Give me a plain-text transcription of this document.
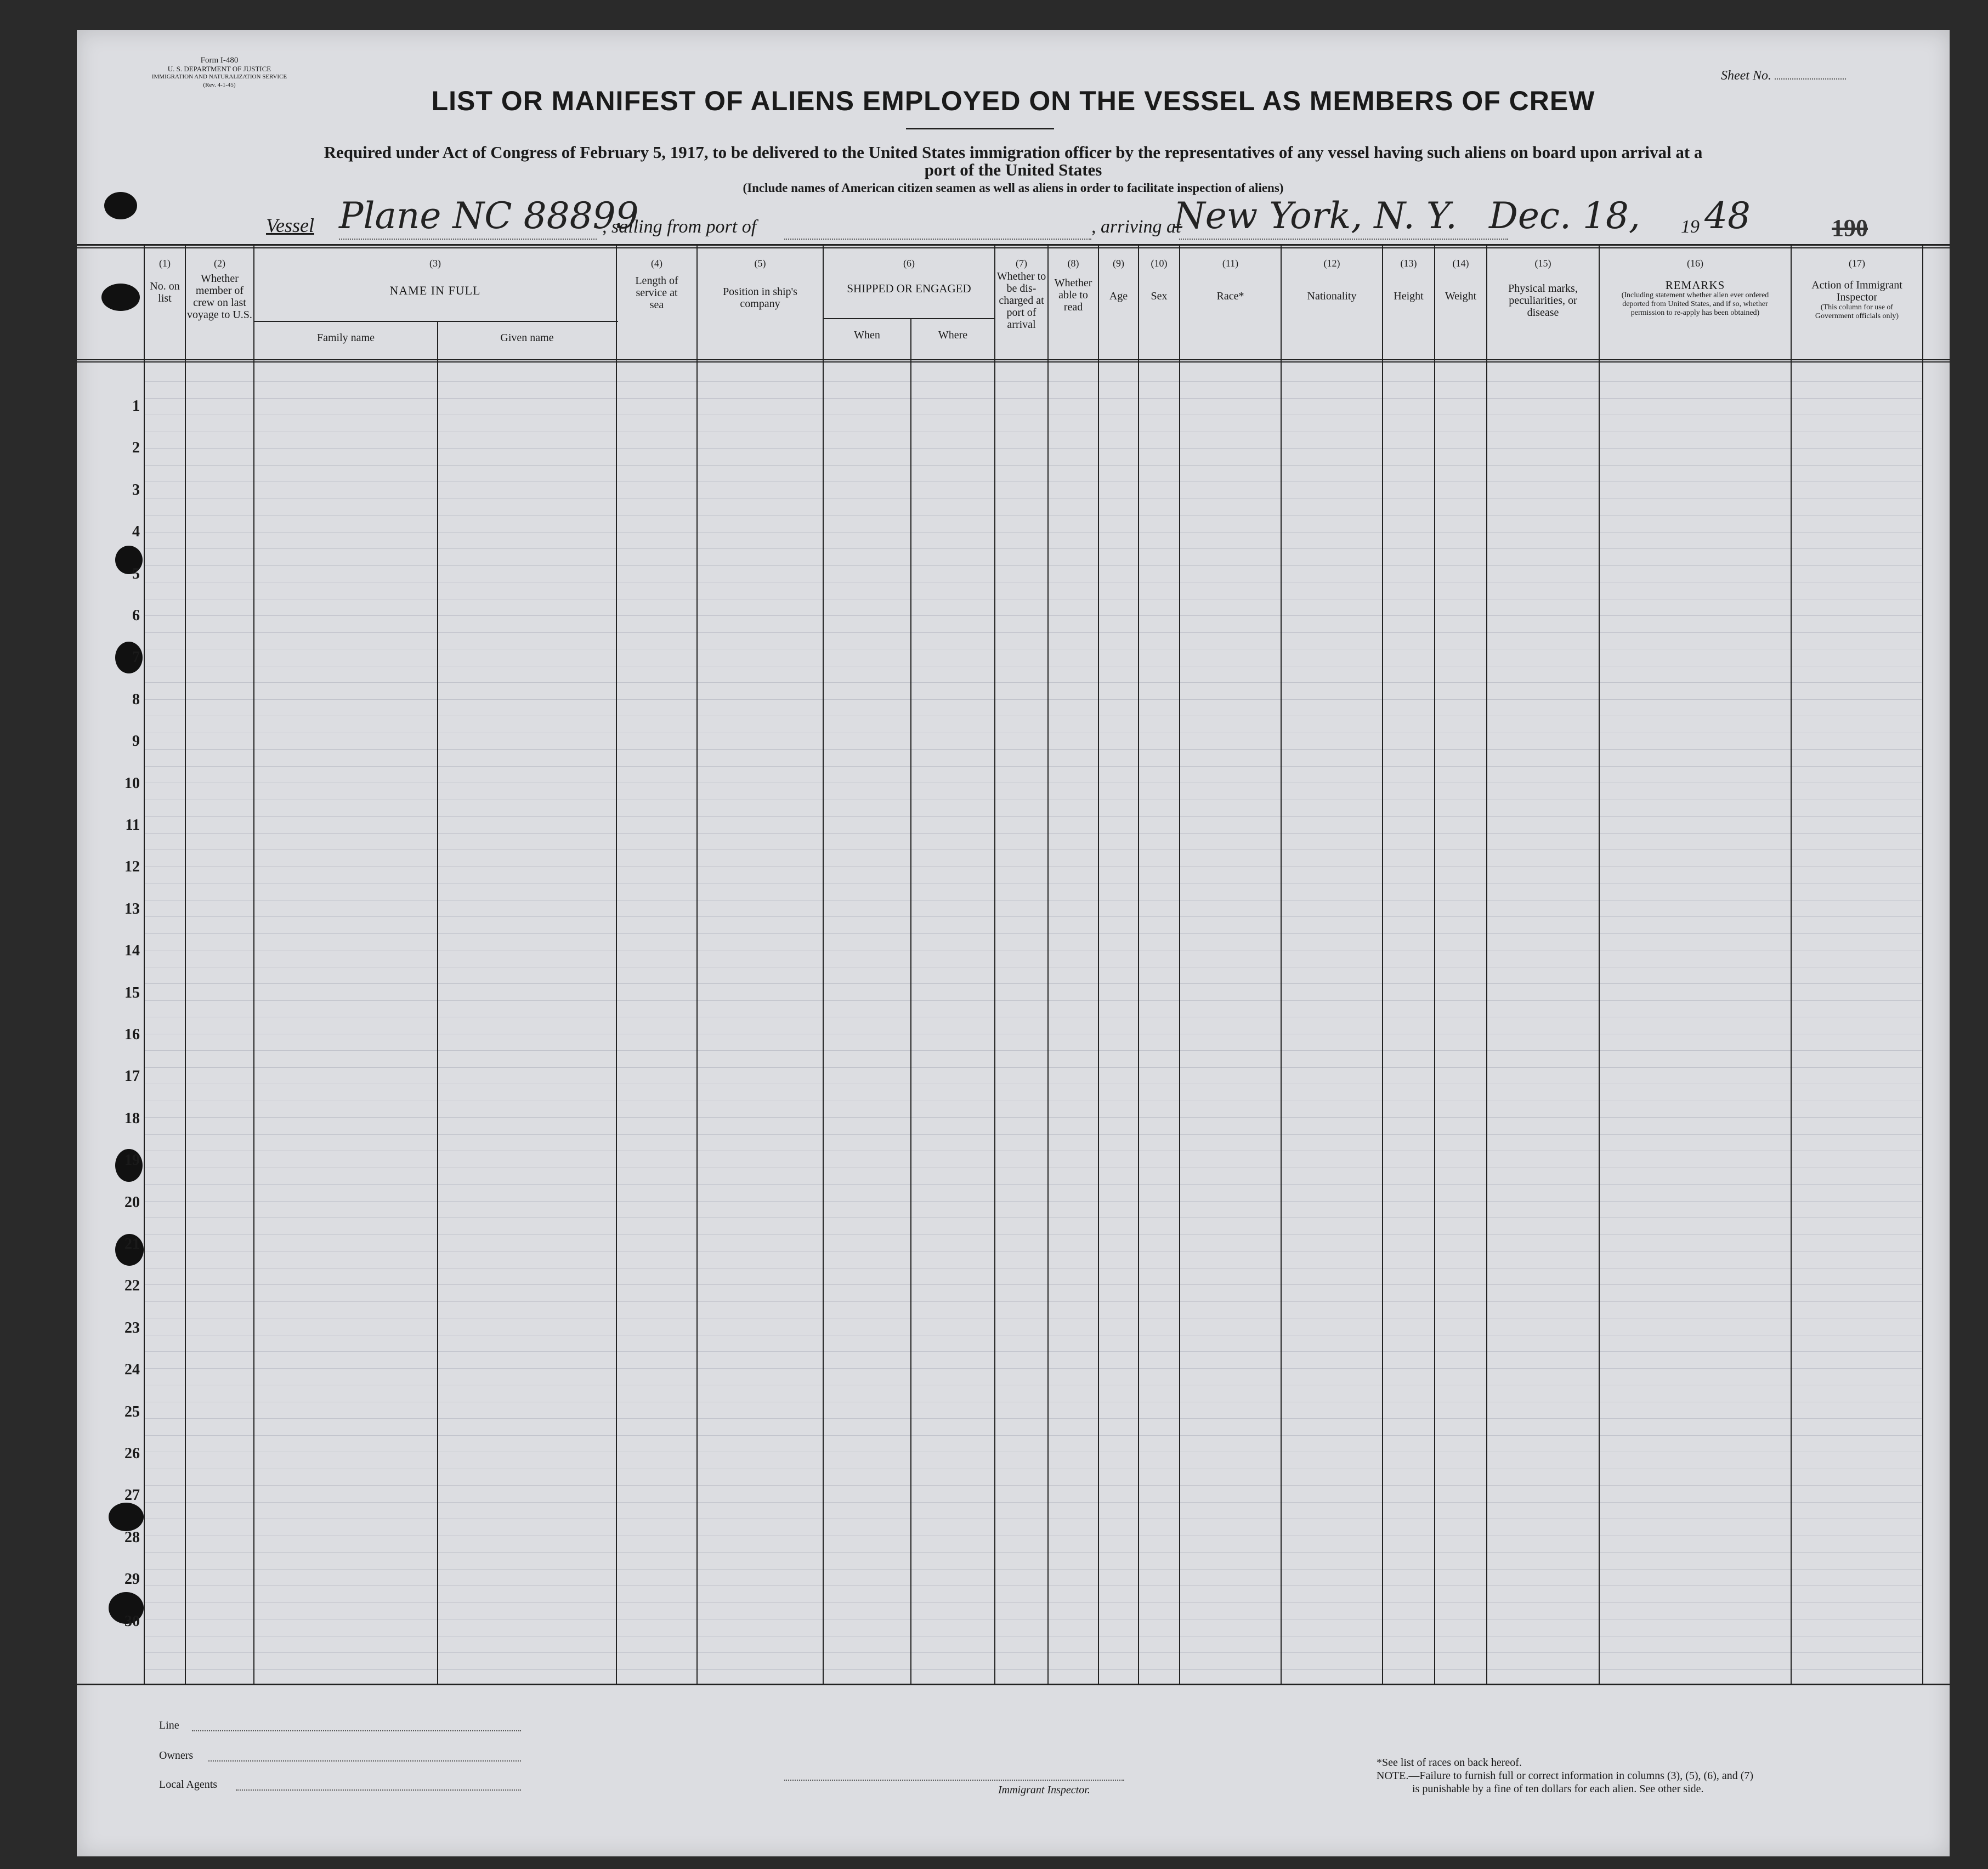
Form I-480
U. S. DEPARTMENT OF JUSTICE
IMMIGRATION AND NATURALIZATION SERVICE
(Rev. 4-1-45)
Sheet No.
LIST OR MANIFEST OF ALIENS EMPLOYED ON THE VESSEL AS MEMBERS OF CREW
Required under Act of Congress of February 5, 1917, to be delivered to the United States immigration officer by the representatives of any vessel having such aliens on board upon arrival at a
port of the United States
(Include names of American citizen seamen as well as aliens in order to facilitate inspection of aliens)
Vessel Plane NC 88899
, sailing from port of	, arriving at
New York, N. Y. Dec. 18, 19 48	190
1
2
3
4
5
6
7
8
9
10
11
12
13
14
15
16
17
18
19
20
21
22
23
24
25
26
27
28
29
30
(1)
No. on list
(2)
Whether member of crew on last voyage to U.S.
(3)
NAME IN FULL
Family name	Given name
(4)
Length of service at sea
(5)
Position in ship's company
(6)
SHIPPED OR ENGAGED
When	Where
(7)
Whether to be dis-charged at port of arrival
(8)
Whether able to read
(9)
Age
(10)
Sex
(11)
Race*
(12)
Nationality
(13)
Height
(14)
Weight
(15)
Physical marks, peculiarities, or disease
(16)
REMARKS
(Including statement whether alien ever ordered deported from United States, and if so, whether permission to re-apply has been obtained)
(17)
Action of Immigrant Inspector
(This column for use of Government officials only)
Line
Owners
Local Agents	Immigrant Inspector.
*See list of races on back hereof.
NOTE.—Failure to furnish full or correct information in columns (3), (5), (6), and (7)
is punishable by a fine of ten dollars for each alien. See other side.
